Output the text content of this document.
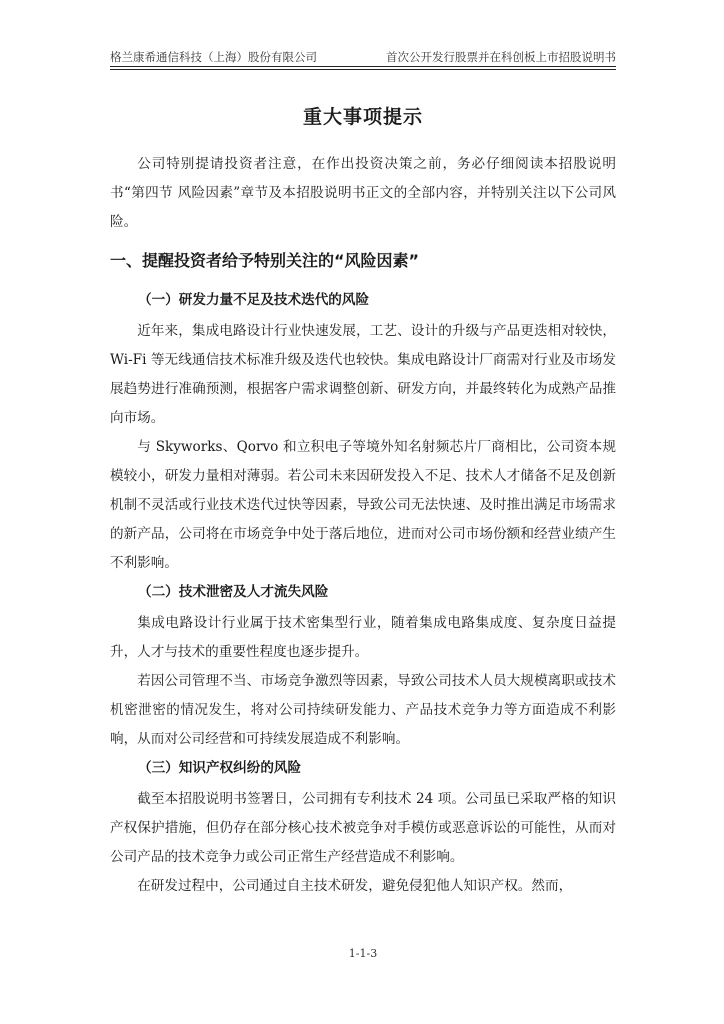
格兰康希通信科技（上海）股份有限公司	首次公开发行股票并在科创板上市招股说明书
重大事项提示

公司特别提请投资者注意，在作出投资决策之前，务必仔细阅读本招股说明书“第四节 风险因素”章节及本招股说明书正文的全部内容，并特别关注以下公司风险。

一、提醒投资者给予特别关注的“风险因素”
（一）研发力量不足及技术迭代的风险

近年来，集成电路设计行业快速发展，工艺、设计的升级与产品更迭相对较快，Wi-Fi 等无线通信技术标准升级及迭代也较快。集成电路设计厂商需对行业及市场发展趋势进行准确预测，根据客户需求调整创新、研发方向，并最终转化为成熟产品推向市场。

与 Skyworks、Qorvo 和立积电子等境外知名射频芯片厂商相比，公司资本规模较小，研发力量相对薄弱。若公司未来因研发投入不足、技术人才储备不足及创新机制不灵活或行业技术迭代过快等因素，导致公司无法快速、及时推出满足市场需求的新产品，公司将在市场竞争中处于落后地位，进而对公司市场份额和经营业绩产生不利影响。

（二）技术泄密及人才流失风险

集成电路设计行业属于技术密集型行业，随着集成电路集成度、复杂度日益提升，人才与技术的重要性程度也逐步提升。

若因公司管理不当、市场竞争激烈等因素，导致公司技术人员大规模离职或技术机密泄密的情况发生，将对公司持续研发能力、产品技术竞争力等方面造成不利影响，从而对公司经营和可持续发展造成不利影响。

（三）知识产权纠纷的风险

截至本招股说明书签署日，公司拥有专利技术 24 项。公司虽已采取严格的知识产权保护措施，但仍存在部分核心技术被竞争对手模仿或恶意诉讼的可能性，从而对公司产品的技术竞争力或公司正常生产经营造成不利影响。

在研发过程中，公司通过自主技术研发，避免侵犯他人知识产权。然而，

1-1-3
